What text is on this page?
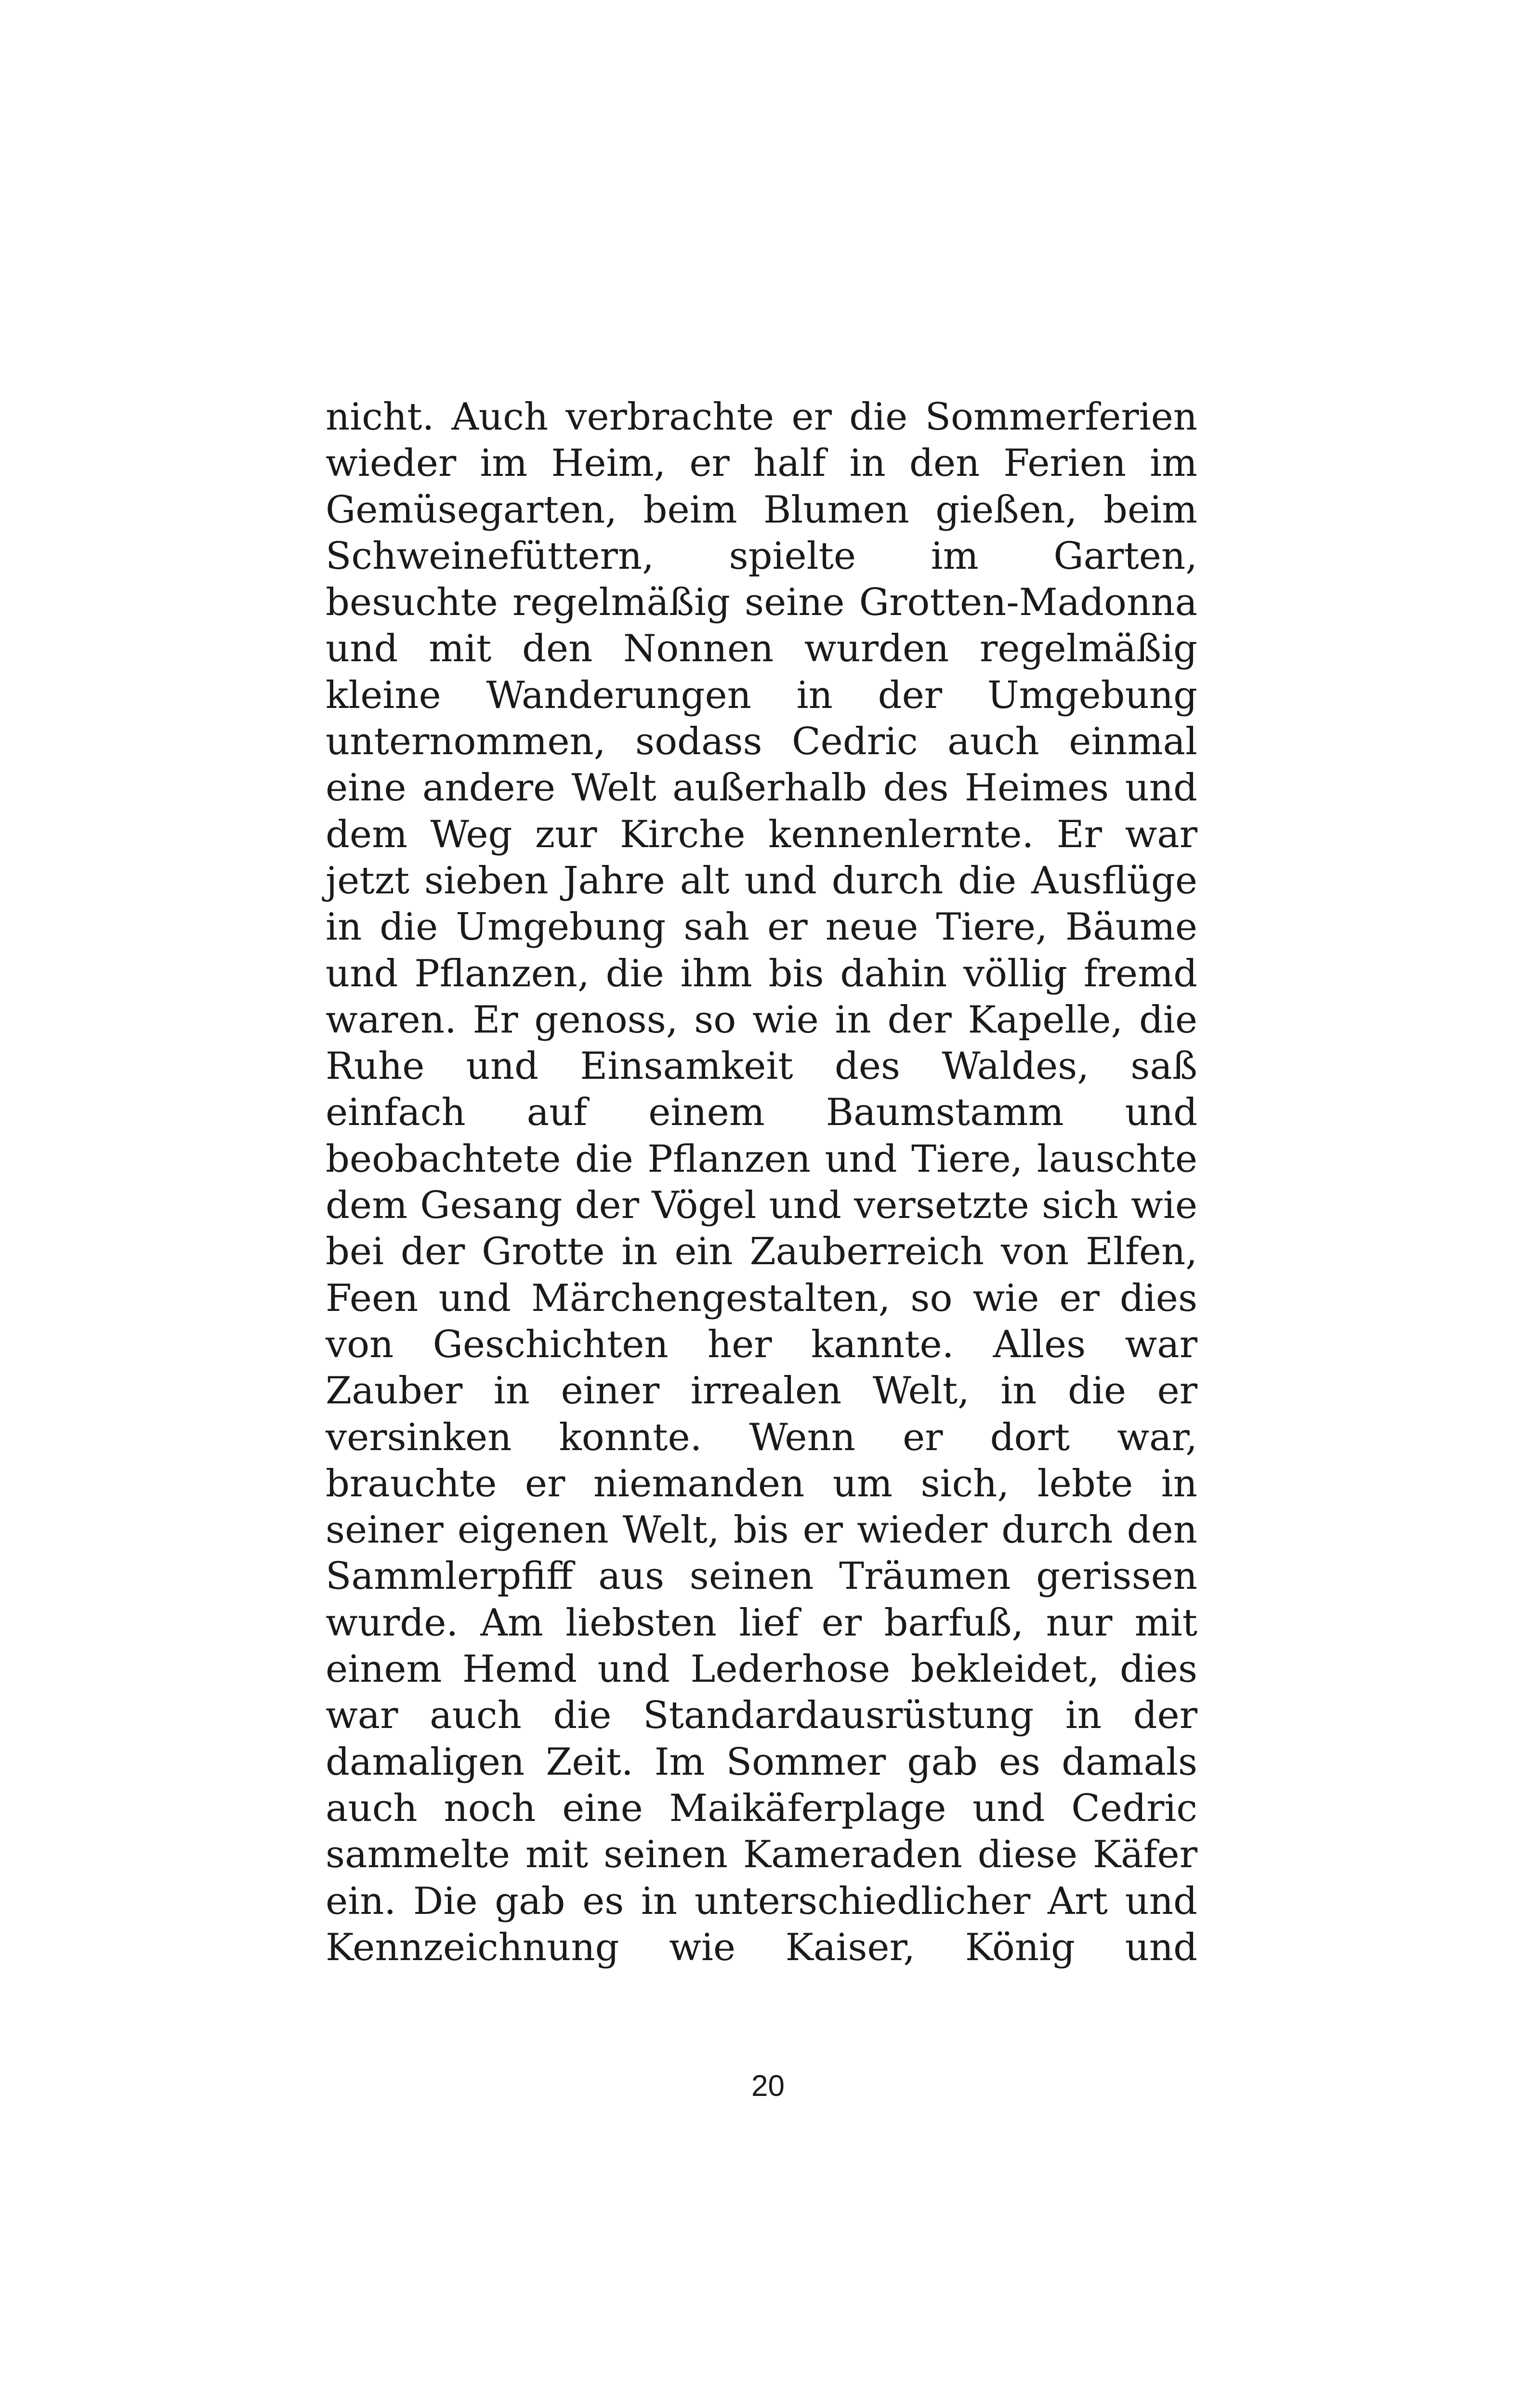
nicht. Auch verbrachte er die Sommerferien
wieder im Heim, er half in den Ferien im
Gemüsegarten, beim Blumen gießen, beim
Schweinefüttern, spielte im Garten,
besuchte regelmäßig seine Grotten-Madonna
und mit den Nonnen wurden regelmäßig
kleine Wanderungen in der Umgebung
unternommen, sodass Cedric auch einmal
eine andere Welt außerhalb des Heimes und
dem Weg zur Kirche kennenlernte. Er war
jetzt sieben Jahre alt und durch die Ausflüge
in die Umgebung sah er neue Tiere, Bäume
und Pflanzen, die ihm bis dahin völlig fremd
waren. Er genoss, so wie in der Kapelle, die
Ruhe und Einsamkeit des Waldes, saß
einfach auf einem Baumstamm und
beobachtete die Pflanzen und Tiere, lauschte
dem Gesang der Vögel und versetzte sich wie
bei der Grotte in ein Zauberreich von Elfen,
Feen und Märchengestalten, so wie er dies
von Geschichten her kannte. Alles war
Zauber in einer irrealen Welt, in die er
versinken konnte. Wenn er dort war,
brauchte er niemanden um sich, lebte in
seiner eigenen Welt, bis er wieder durch den
Sammlerpfiff aus seinen Träumen gerissen
wurde. Am liebsten lief er barfuß, nur mit
einem Hemd und Lederhose bekleidet, dies
war auch die Standardausrüstung in der
damaligen Zeit. Im Sommer gab es damals
auch noch eine Maikäferplage und Cedric
sammelte mit seinen Kameraden diese Käfer
ein. Die gab es in unterschiedlicher Art und
Kennzeichnung wie Kaiser, König und
20
